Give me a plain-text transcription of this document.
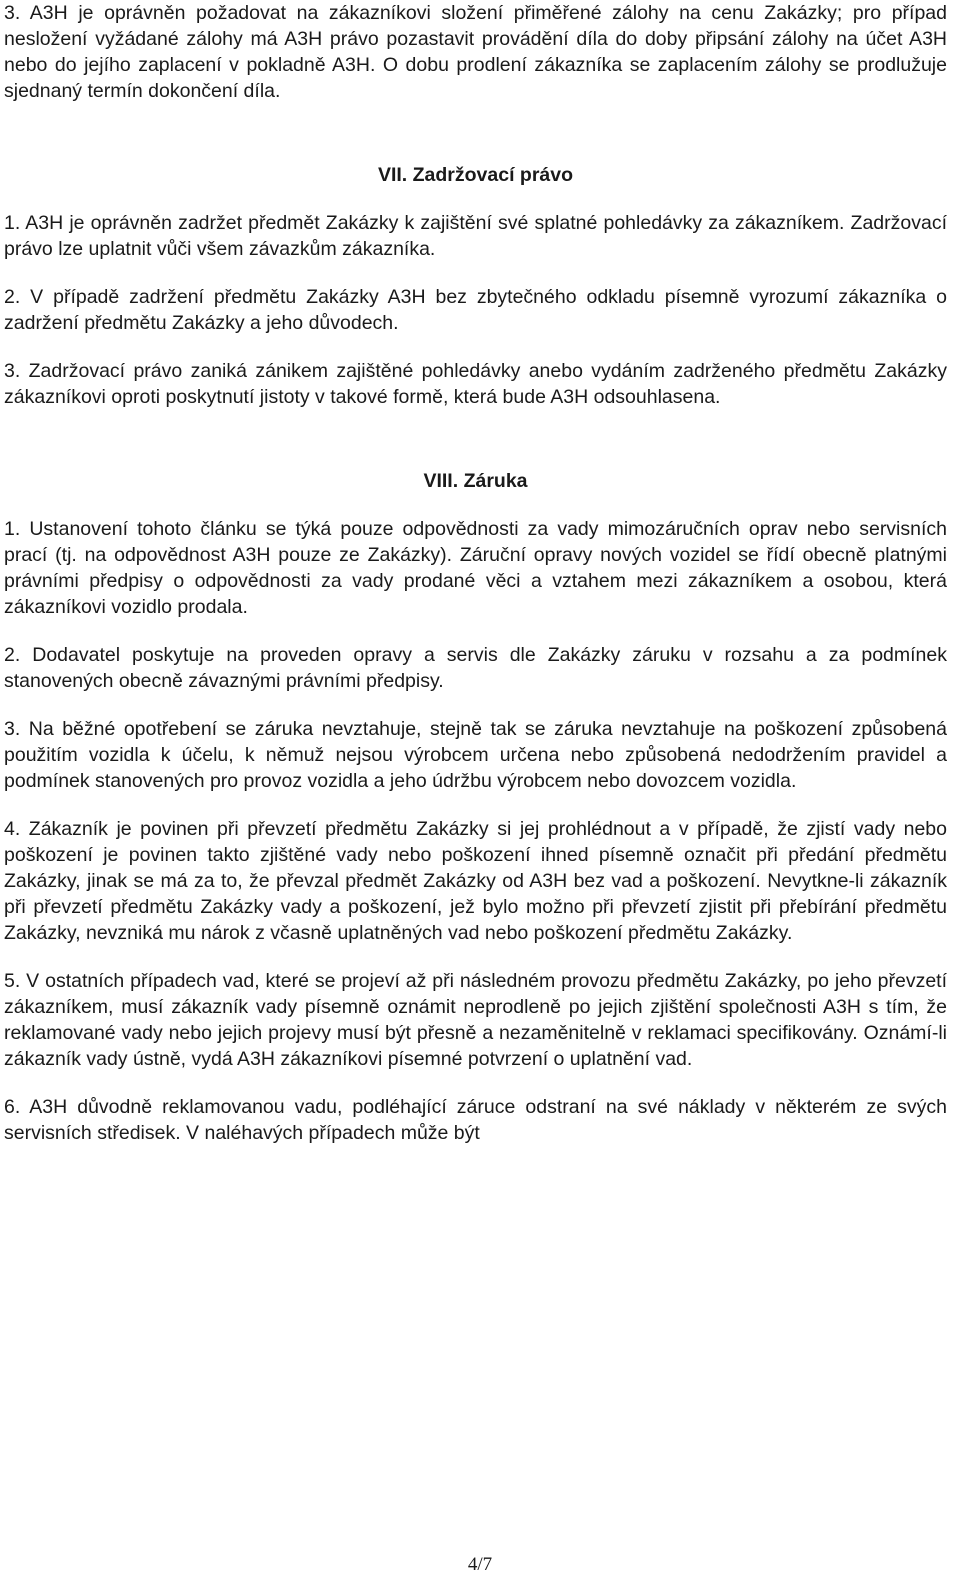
3. A3H je oprávněn požadovat na zákazníkovi složení přiměřené zálohy na cenu Zakázky; pro případ nesložení vyžádané zálohy má A3H právo pozastavit provádění díla do doby připsání zálohy na účet A3H nebo do jejího zaplacení v pokladně A3H. O dobu prodlení zákazníka se zaplacením zálohy se prodlužuje sjednaný termín dokončení díla.

VII. Zadržovací právo

1. A3H je oprávněn zadržet předmět Zakázky k zajištění své splatné pohledávky za zákazníkem. Zadržovací právo lze uplatnit vůči všem závazkům zákazníka.

2. V případě zadržení předmětu Zakázky A3H bez zbytečného odkladu písemně vyrozumí zákazníka o zadržení předmětu Zakázky a jeho důvodech.

3. Zadržovací právo zaniká zánikem zajištěné pohledávky anebo vydáním zadrženého předmětu Zakázky zákazníkovi oproti poskytnutí jistoty v takové formě, která bude A3H odsouhlasena.

VIII. Záruka

1. Ustanovení tohoto článku se týká pouze odpovědnosti za vady mimozáručních oprav nebo servisních prací (tj. na odpovědnost A3H pouze ze Zakázky). Záruční opravy nových vozidel se řídí obecně platnými právními předpisy o odpovědnosti za vady prodané věci a vztahem mezi zákazníkem a osobou, která zákazníkovi vozidlo prodala.

2. Dodavatel poskytuje na proveden opravy a servis dle Zakázky záruku v rozsahu a za podmínek stanovených obecně závaznými právními předpisy.

3. Na běžné opotřebení se záruka nevztahuje, stejně tak se záruka nevztahuje na poškození způsobená použitím vozidla k účelu, k němuž nejsou výrobcem určena nebo způsobená nedodržením pravidel a podmínek stanovených pro provoz vozidla a jeho údržbu výrobcem nebo dovozcem vozidla.

4. Zákazník je povinen při převzetí předmětu Zakázky si jej prohlédnout a v případě, že zjistí vady nebo poškození je povinen takto zjištěné vady nebo poškození ihned písemně označit při předání předmětu Zakázky, jinak se má za to, že převzal předmět Zakázky od A3H bez vad a poškození. Nevytkne-li zákazník při převzetí předmětu Zakázky vady a poškození, jež bylo možno při převzetí zjistit při přebírání předmětu Zakázky, nevzniká mu nárok z včasně uplatněných vad nebo poškození předmětu Zakázky.

5. V ostatních případech vad, které se projeví až při následném provozu předmětu Zakázky, po jeho převzetí zákazníkem, musí zákazník vady písemně oznámit neprodleně po jejich zjištění společnosti A3H s tím, že reklamované vady nebo jejich projevy musí být přesně a nezaměnitelně v reklamaci specifikovány. Oznámí-li zákazník vady ústně, vydá A3H zákazníkovi písemné potvrzení o uplatnění vad.

6. A3H důvodně reklamovanou vadu, podléhající záruce odstraní na své náklady v některém ze svých servisních středisek. V naléhavých případech může být

4/7
